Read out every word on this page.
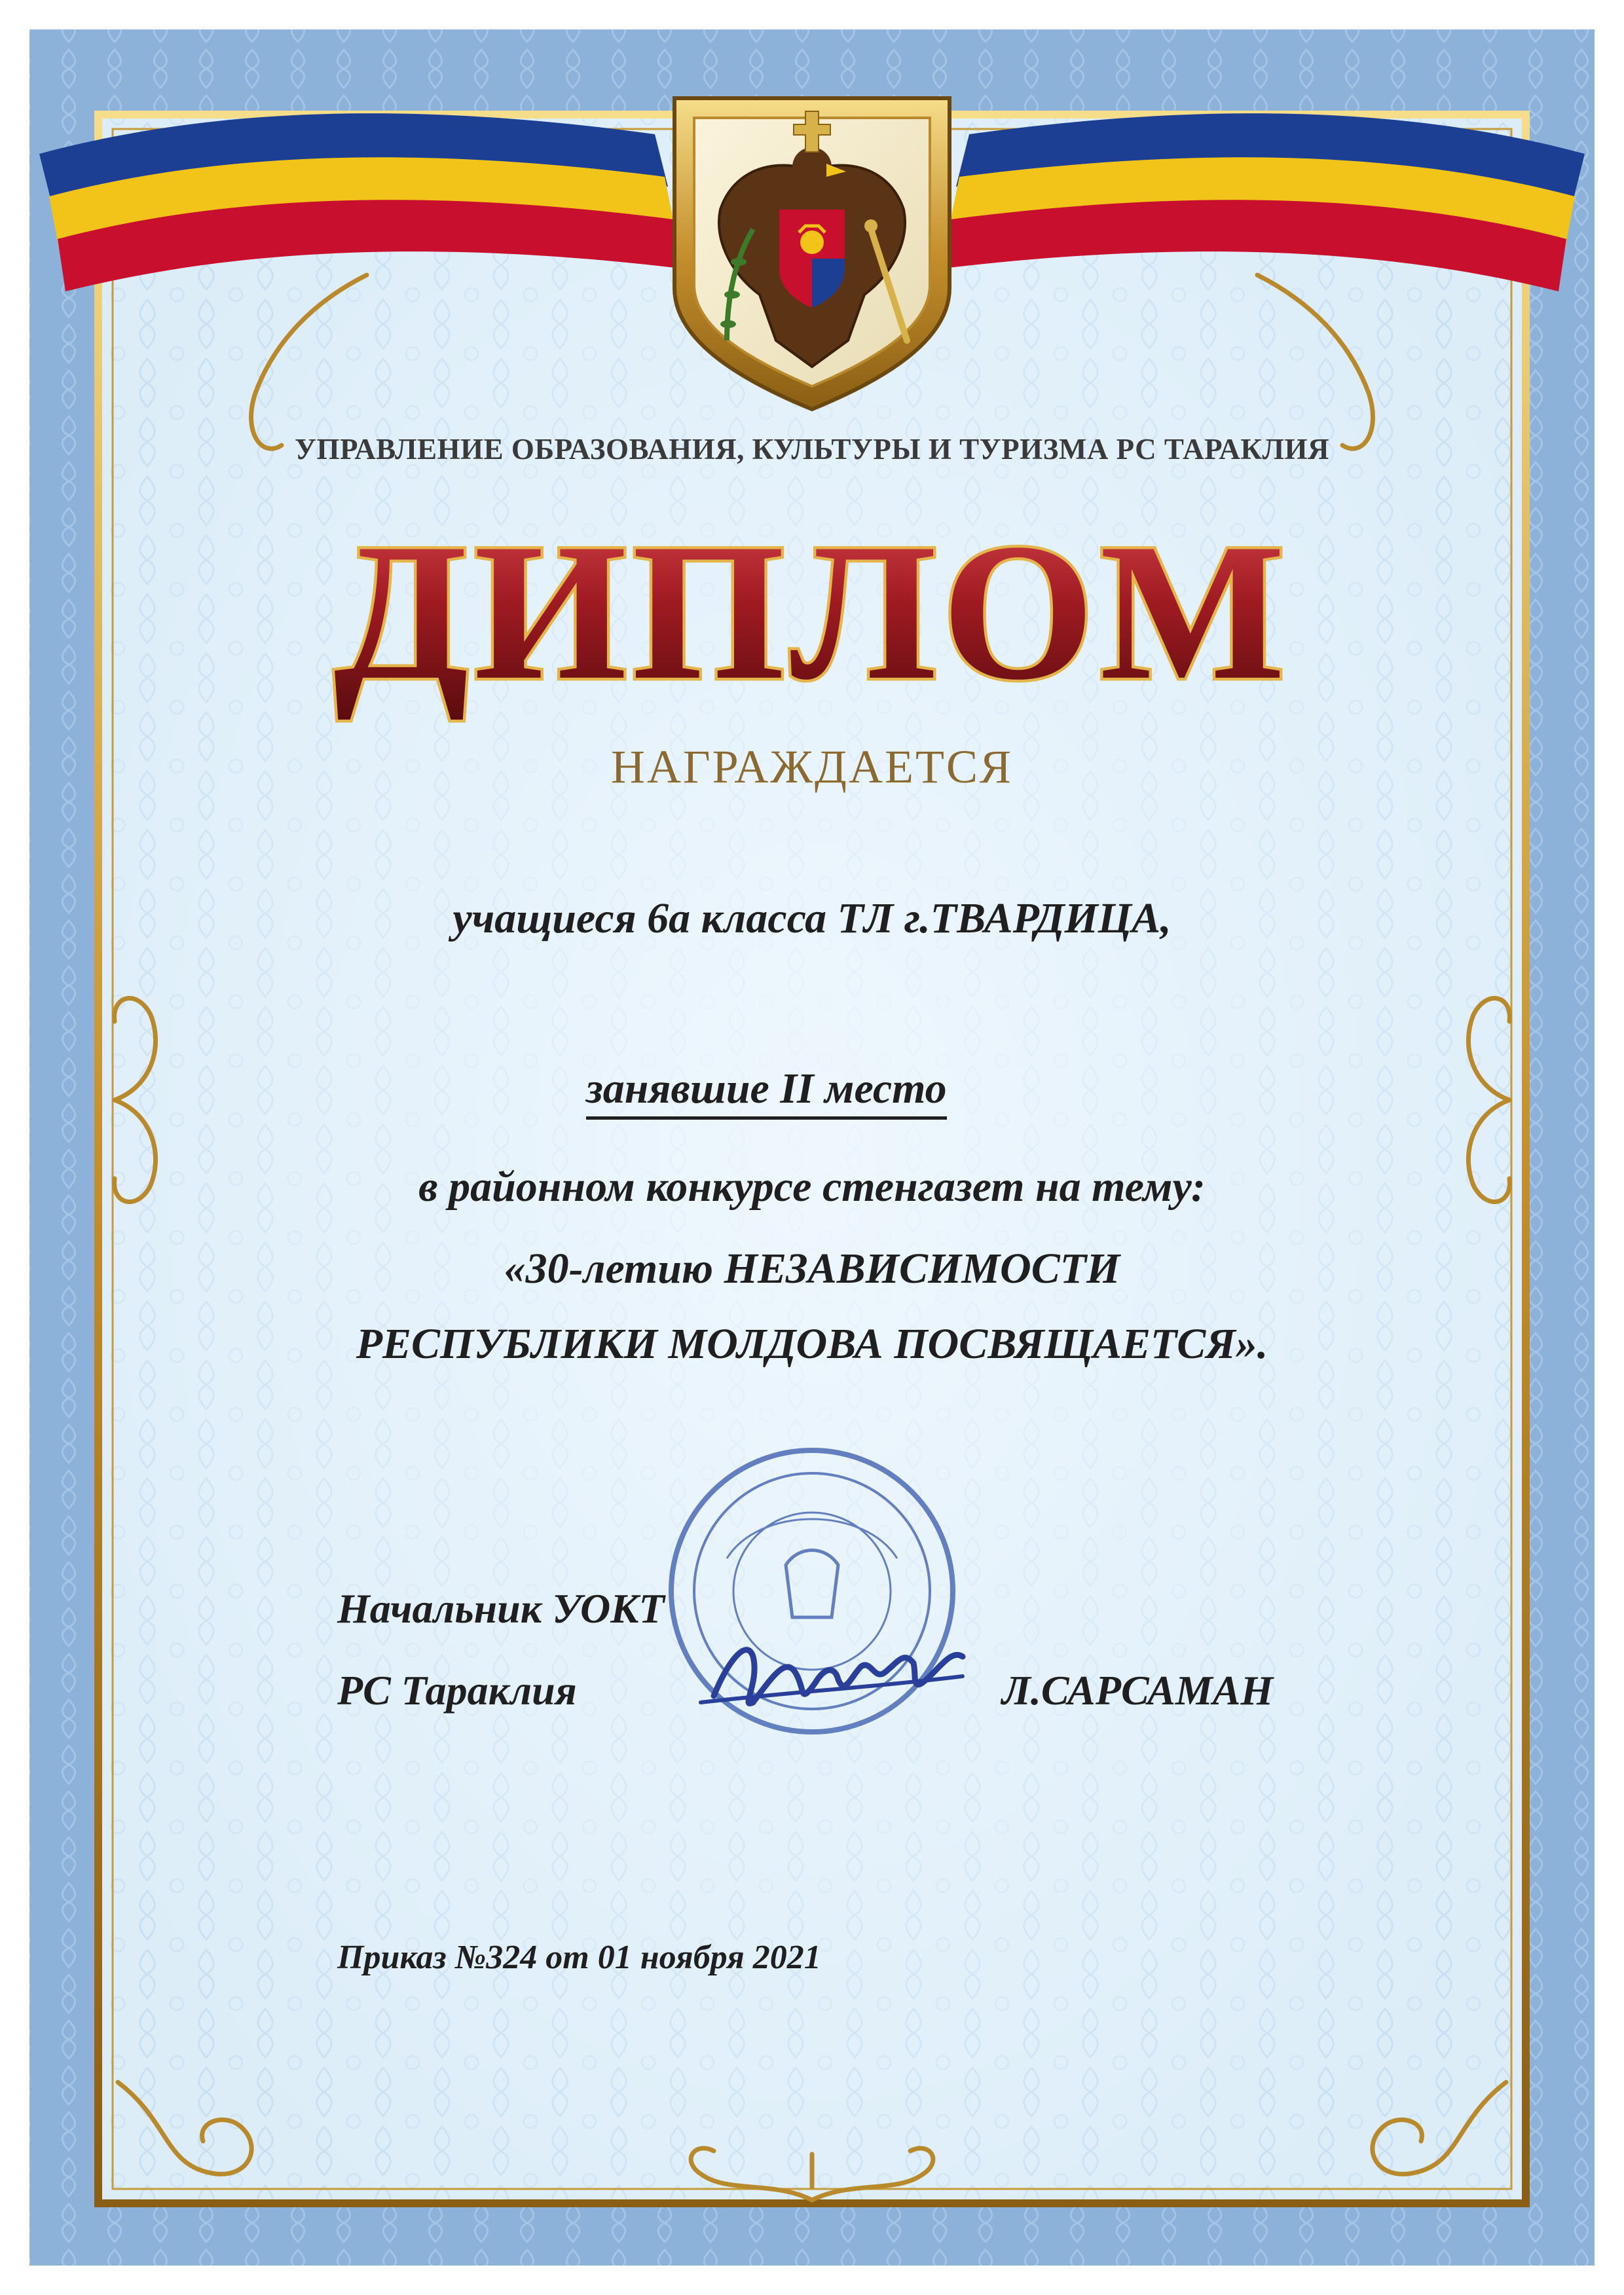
ДИПЛОМ

УПРАВЛЕНИЕ ОБРАЗОВАНИЯ, КУЛЬТУРЫ И ТУРИЗМА РС ТАРАКЛИЯ

НАГРАЖДАЕТСЯ

учащиеся 6а класса ТЛ г.ТВАРДИЦА,

занявшие II место

в районном конкурсе стенгазет на тему:

«30-летию НЕЗАВИСИМОСТИ

РЕСПУБЛИКИ МОЛДОВА ПОСВЯЩАЕТСЯ».

Начальник УОКТ

РС Тараклия	Л.САРСАМАН

Приказ №324 от 01 ноября 2021
